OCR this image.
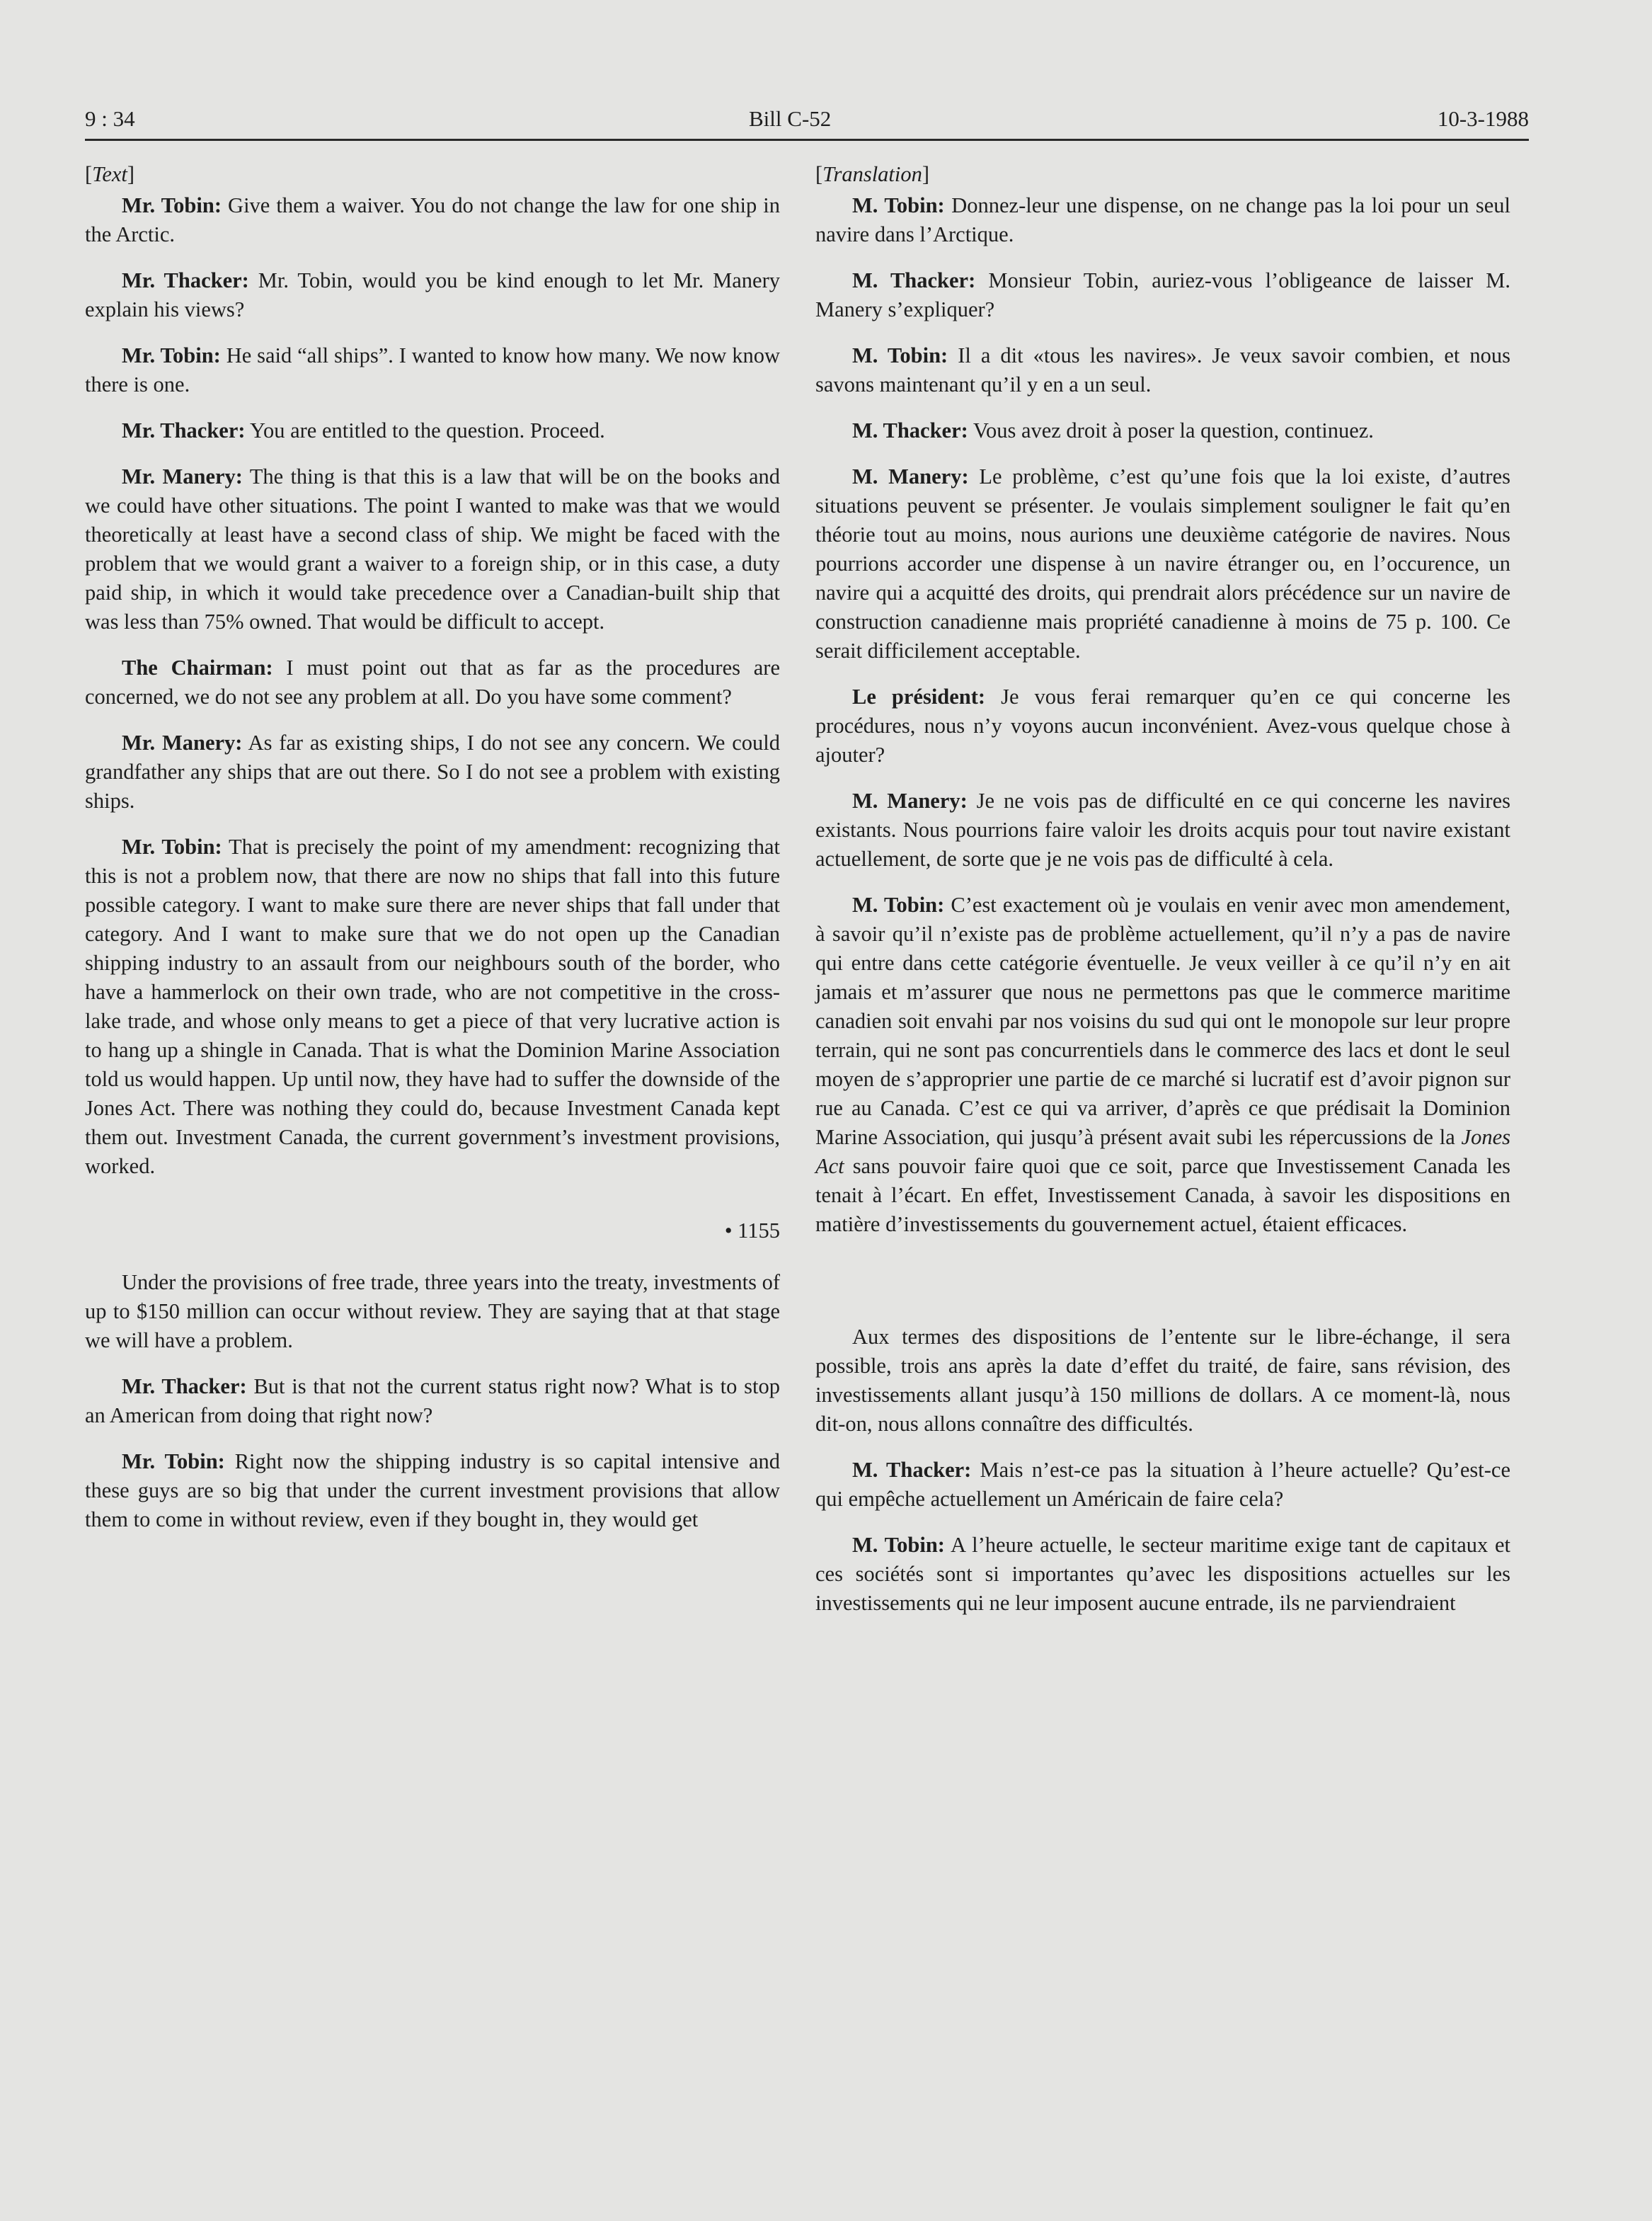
9 : 34	Bill C-52	10-3-1988
[Text]

Mr. Tobin: Give them a waiver. You do not change the law for one ship in the Arctic.

Mr. Thacker: Mr. Tobin, would you be kind enough to let Mr. Manery explain his views?

Mr. Tobin: He said “all ships”. I wanted to know how many. We now know there is one.

Mr. Thacker: You are entitled to the question. Proceed.

Mr. Manery: The thing is that this is a law that will be on the books and we could have other situations. The point I wanted to make was that we would theoretically at least have a second class of ship. We might be faced with the problem that we would grant a waiver to a foreign ship, or in this case, a duty paid ship, in which it would take precedence over a Canadian-built ship that was less than 75% owned. That would be difficult to accept.

The Chairman: I must point out that as far as the procedures are concerned, we do not see any problem at all. Do you have some comment?

Mr. Manery: As far as existing ships, I do not see any concern. We could grandfather any ships that are out there. So I do not see a problem with existing ships.

Mr. Tobin: That is precisely the point of my amendment: recognizing that this is not a problem now, that there are now no ships that fall into this future possible category. I want to make sure there are never ships that fall under that category. And I want to make sure that we do not open up the Canadian shipping industry to an assault from our neighbours south of the border, who have a hammerlock on their own trade, who are not competitive in the cross-lake trade, and whose only means to get a piece of that very lucrative action is to hang up a shingle in Canada. That is what the Dominion Marine Association told us would happen. Up until now, they have had to suffer the downside of the Jones Act. There was nothing they could do, because Investment Canada kept them out. Investment Canada, the current government’s investment provisions, worked.

• 1155

Under the provisions of free trade, three years into the treaty, investments of up to $150 million can occur without review. They are saying that at that stage we will have a problem.

Mr. Thacker: But is that not the current status right now? What is to stop an American from doing that right now?

Mr. Tobin: Right now the shipping industry is so capital intensive and these guys are so big that under the current investment provisions that allow them to come in without review, even if they bought in, they would get

[Translation]

M. Tobin: Donnez-leur une dispense, on ne change pas la loi pour un seul navire dans l’Arctique.

M. Thacker: Monsieur Tobin, auriez-vous l’obligeance de laisser M. Manery s’expliquer?

M. Tobin: Il a dit «tous les navires». Je veux savoir combien, et nous savons maintenant qu’il y en a un seul.

M. Thacker: Vous avez droit à poser la question, continuez.

M. Manery: Le problème, c’est qu’une fois que la loi existe, d’autres situations peuvent se présenter. Je voulais simplement souligner le fait qu’en théorie tout au moins, nous aurions une deuxième catégorie de navires. Nous pourrions accorder une dispense à un navire étranger ou, en l’occurence, un navire qui a acquitté des droits, qui prendrait alors précédence sur un navire de construction canadienne mais propriété canadienne à moins de 75 p. 100. Ce serait difficilement acceptable.

Le président: Je vous ferai remarquer qu’en ce qui concerne les procédures, nous n’y voyons aucun inconvénient. Avez-vous quelque chose à ajouter?

M. Manery: Je ne vois pas de difficulté en ce qui concerne les navires existants. Nous pourrions faire valoir les droits acquis pour tout navire existant actuellement, de sorte que je ne vois pas de difficulté à cela.

M. Tobin: C’est exactement où je voulais en venir avec mon amendement, à savoir qu’il n’existe pas de problème actuellement, qu’il n’y a pas de navire qui entre dans cette catégorie éventuelle. Je veux veiller à ce qu’il n’y en ait jamais et m’assurer que nous ne permettons pas que le commerce maritime canadien soit envahi par nos voisins du sud qui ont le monopole sur leur propre terrain, qui ne sont pas concurrentiels dans le commerce des lacs et dont le seul moyen de s’approprier une partie de ce marché si lucratif est d’avoir pignon sur rue au Canada. C’est ce qui va arriver, d’après ce que prédisait la Dominion Marine Association, qui jusqu’à présent avait subi les répercussions de la Jones Act sans pouvoir faire quoi que ce soit, parce que Investissement Canada les tenait à l’écart. En effet, Investissement Canada, à savoir les dispositions en matière d’investissements du gouvernement actuel, étaient efficaces.

Aux termes des dispositions de l’entente sur le libre-échange, il sera possible, trois ans après la date d’effet du traité, de faire, sans révision, des investissements allant jusqu’à 150 millions de dollars. A ce moment-là, nous dit-on, nous allons connaître des difficultés.

M. Thacker: Mais n’est-ce pas la situation à l’heure actuelle? Qu’est-ce qui empêche actuellement un Américain de faire cela?

M. Tobin: A l’heure actuelle, le secteur maritime exige tant de capitaux et ces sociétés sont si importantes qu’avec les dispositions actuelles sur les investissements qui ne leur imposent aucune entrade, ils ne parviendraient
